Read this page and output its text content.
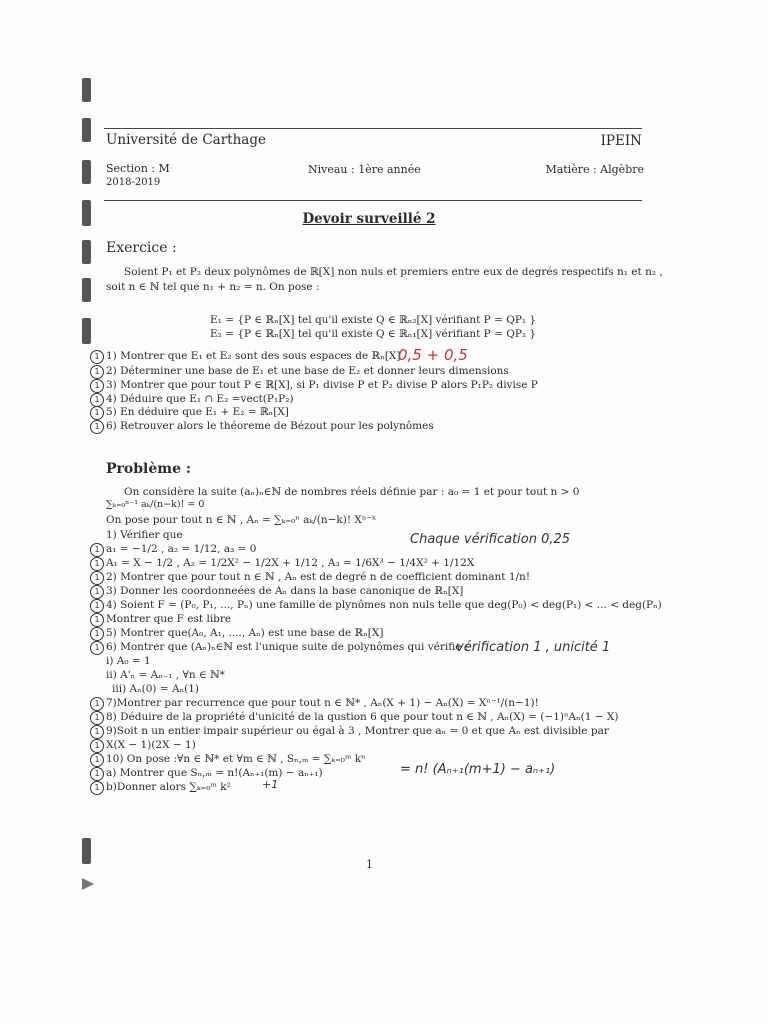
Université de Carthage	IPEIN
Section : M
2018-2019
Niveau : 1ère année	Matière : Algèbre
Devoir surveillé 2
Exercice :
Soient P₁ et P₂ deux polynômes de ℝ[X] non nuls et premiers entre eux de degrés respectifs n₁ et n₂ ,
soit n ∈ ℕ tel que n₁ + n₂ = n. On pose :
E₁ = {P ∈ ℝₙ[X] tel qu'il existe Q ∈ ℝₙ₂[X] vérifiant P = QP₁ }
E₂ = {P ∈ ℝₙ[X] tel qu'il existe Q ∈ ℝₙ₁[X] vérifiant P = QP₂ }
1) Montrer que E₁ et E₂ sont des sous espaces de ℝₙ[X]
0,5 + 0,5
2) Déterminer une base de E₁ et une base de E₂ et donner leurs dimensions
3) Montrer que pour tout P ∈ ℝ[X], si P₁ divise P et P₂ divise P alors P₁P₂ divise P
4) Déduire que E₁ ∩ E₂ =vect(P₁P₂)
5) En déduire que E₁ + E₂ = ℝₙ[X]
6) Retrouver alors le théoreme de Bézout pour les polynômes
1
1
1
1
1
1
Problème :
On considère la suite (aₙ)ₙ∈ℕ de nombres réels définie par : a₀ = 1 et pour tout n > 0
∑ₖ₌₀ⁿ⁻¹ aₖ/(n−k)! = 0
On pose pour tout n ∈ ℕ , Aₙ = ∑ₖ₌₀ⁿ aₖ/(n−k)! Xⁿ⁻ᵏ
1) Vérifier que	Chaque vérification 0,25
a₁ = −1/2 , a₂ = 1/12, a₃ = 0
A₁ = X − 1/2 , A₂ = 1/2X² − 1/2X + 1/12 , A₃ = 1/6X³ − 1/4X² + 1/12X
2) Montrer que pour tout n ∈ ℕ , Aₙ est de degré n de coefficient dominant 1/n!
3) Donner les coordonneées de Aₙ dans la base canonique de ℝₙ[X]
4) Soient F = (P₀, P₁, ..., Pₙ) une famille de plynômes non nuls telle que deg(P₀) < deg(P₁) < ... < deg(Pₙ)
Montrer que F est libre
5) Montrer que(A₀, A₁, ...., Aₙ) est une base de ℝₙ[X]
6) Montrer que (Aₙ)ₙ∈ℕ est l'unique suite de polynômes qui vérifie :
vérification 1 , unicité 1
i) A₀ = 1
ii) A'ₙ = Aₙ₋₁ , ∀n ∈ ℕ*
iii) Aₙ(0) = Aₙ(1)
7)Montrer par recurrence que pour tout n ∈ ℕ* , Aₙ(X + 1) − Aₙ(X) = Xⁿ⁻¹/(n−1)!
8) Déduire de la propriété d'unicité de la qustion 6 que pour tout n ∈ ℕ , Aₙ(X) = (−1)ⁿAₙ(1 − X)
9)Soit n un entier impair supérieur ou égal à 3 , Montrer que aₙ = 0 et que Aₙ est divisible par
X(X − 1)(2X − 1)
10) On pose :∀n ∈ ℕ* et ∀m ∈ ℕ , Sₙ,ₘ = ∑ₖ₌₀ᵐ kⁿ
a) Montrer que Sₙ,ₘ = n!(Aₙ₊₁(m) − aₙ₊₁)	= n! (Aₙ₊₁(m+1) − aₙ₊₁)
b)Donner alors ∑ₖ₌₀ᵐ k²	+1
1
1
1
1
1
1
1
1
1
1
1
1
1
1
1
1
